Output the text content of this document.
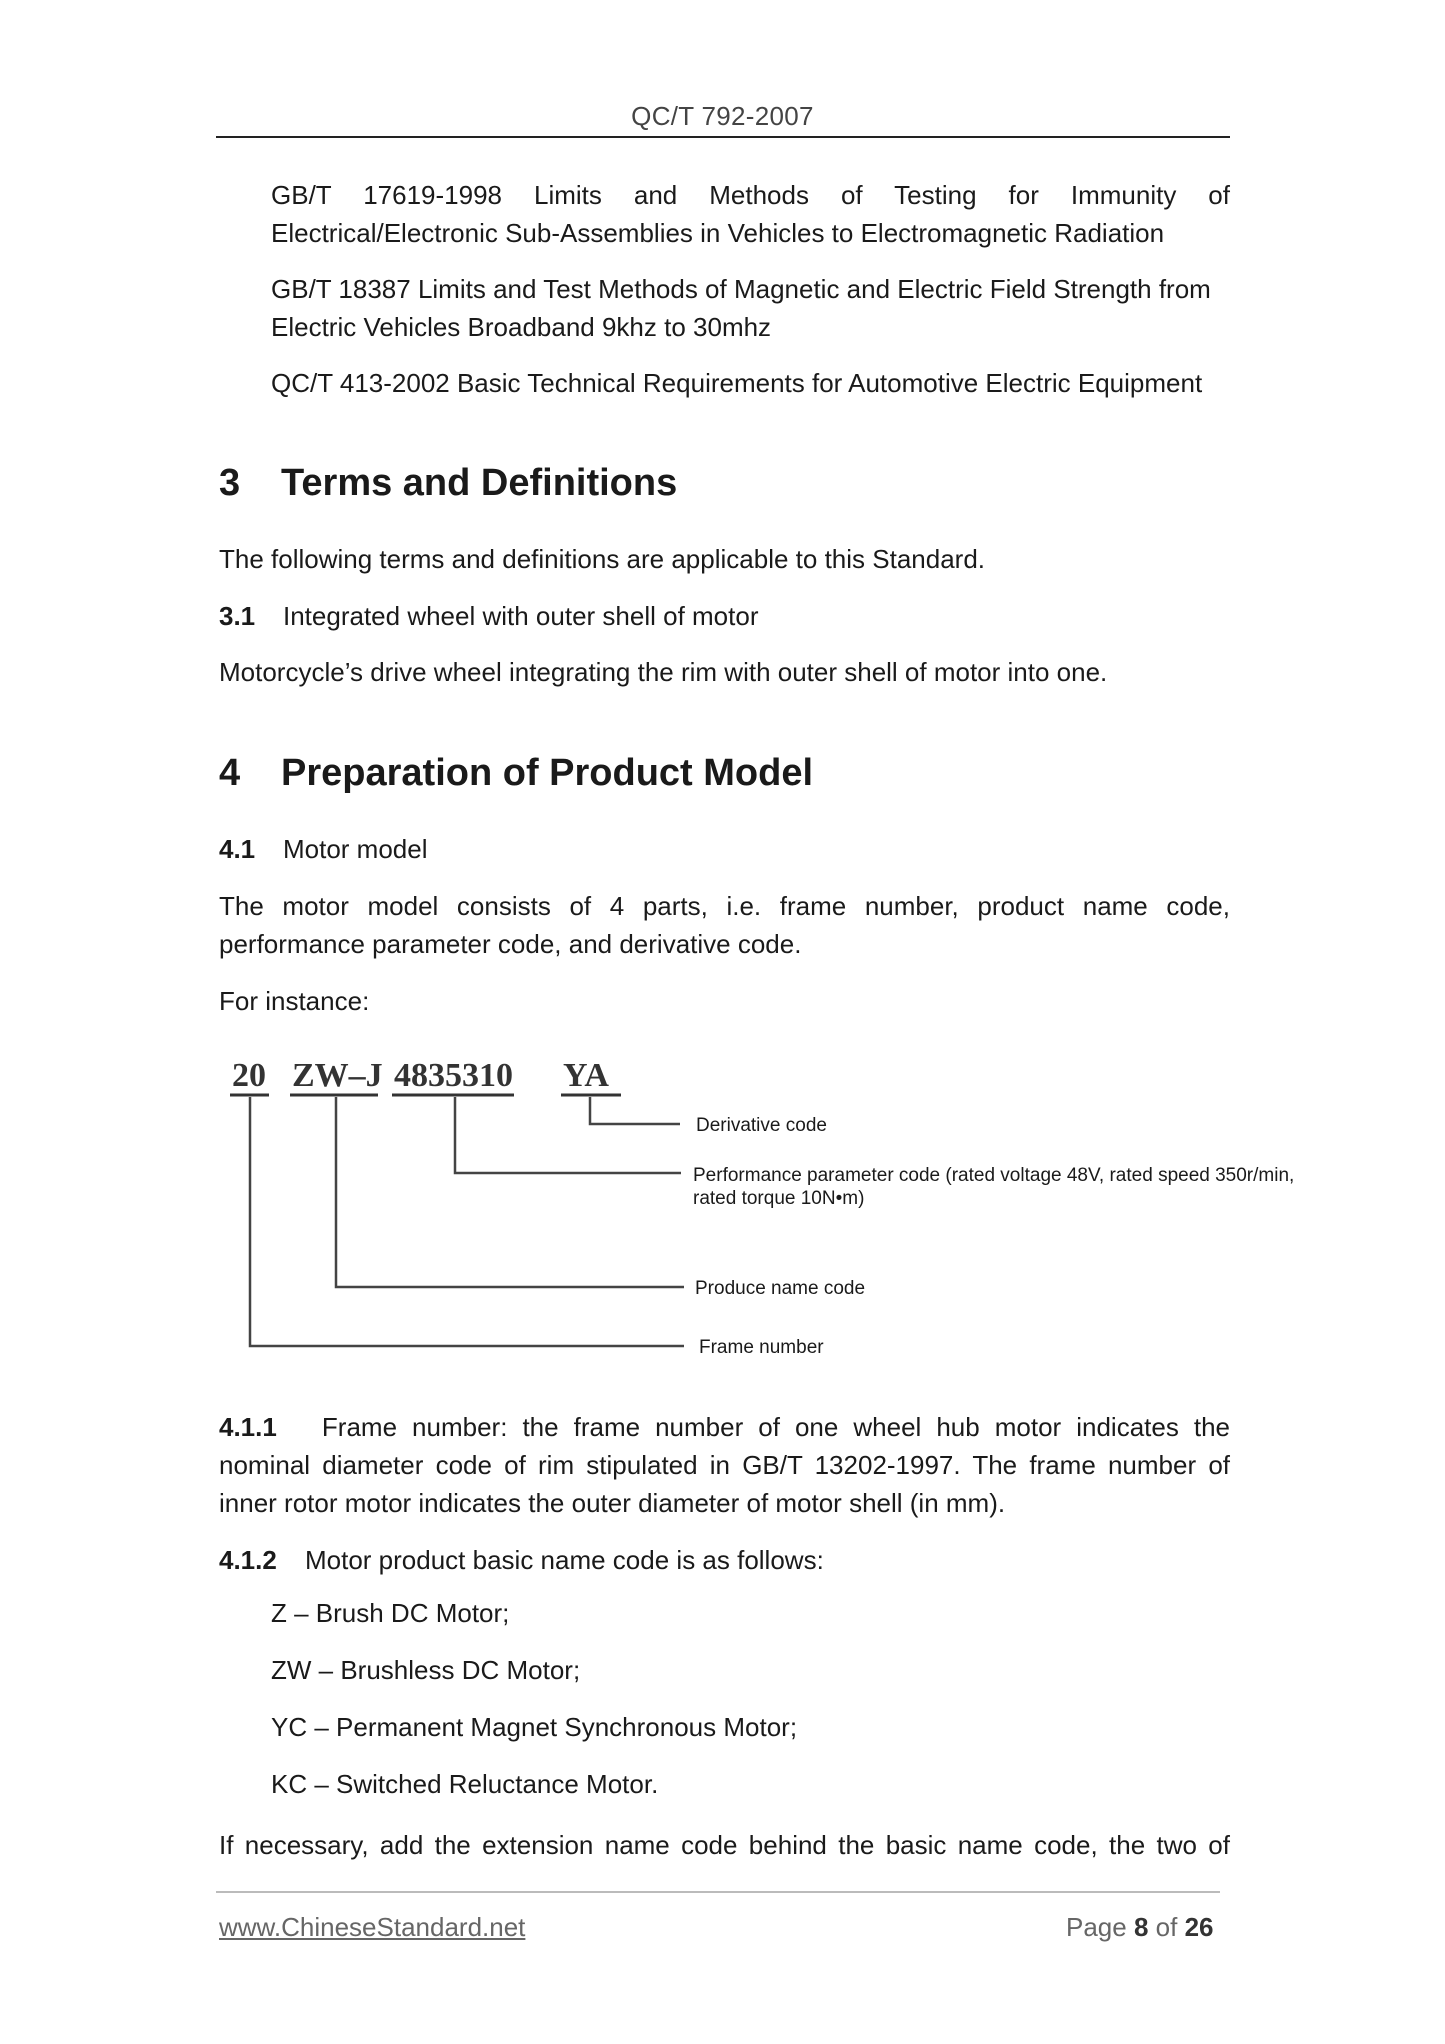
QC/T 792-2007
GB/T 17619-1998 Limits and Methods of Testing for Immunity of
Electrical/Electronic Sub-Assemblies in Vehicles to Electromagnetic Radiation
GB/T 18387 Limits and Test Methods of Magnetic and Electric Field Strength from
Electric Vehicles Broadband 9khz to 30mhz
QC/T 413-2002 Basic Technical Requirements for Automotive Electric Equipment
3 Terms and Definitions
The following terms and definitions are applicable to this Standard.
3.1 Integrated wheel with outer shell of motor
Motorcycle’s drive wheel integrating the rim with outer shell of motor into one.
4 Preparation of Product Model
4.1 Motor model
The motor model consists of 4 parts, i.e. frame number, product name code,
performance parameter code, and derivative code.
For instance:
20 ZW–J 4835310 YA
Derivative code
Performance parameter code (rated voltage 48V, rated speed 350r/min,
rated torque 10N•m)
Produce name code
Frame number
4.1.1 Frame number: the frame number of one wheel hub motor indicates the
nominal diameter code of rim stipulated in GB/T 13202-1997. The frame number of
inner rotor motor indicates the outer diameter of motor shell (in mm).
4.1.2 Motor product basic name code is as follows:
Z – Brush DC Motor;
ZW – Brushless DC Motor;
YC – Permanent Magnet Synchronous Motor;
KC – Switched Reluctance Motor.
If necessary, add the extension name code behind the basic name code, the two of
www.ChineseStandard.net	Page 8 of 26
